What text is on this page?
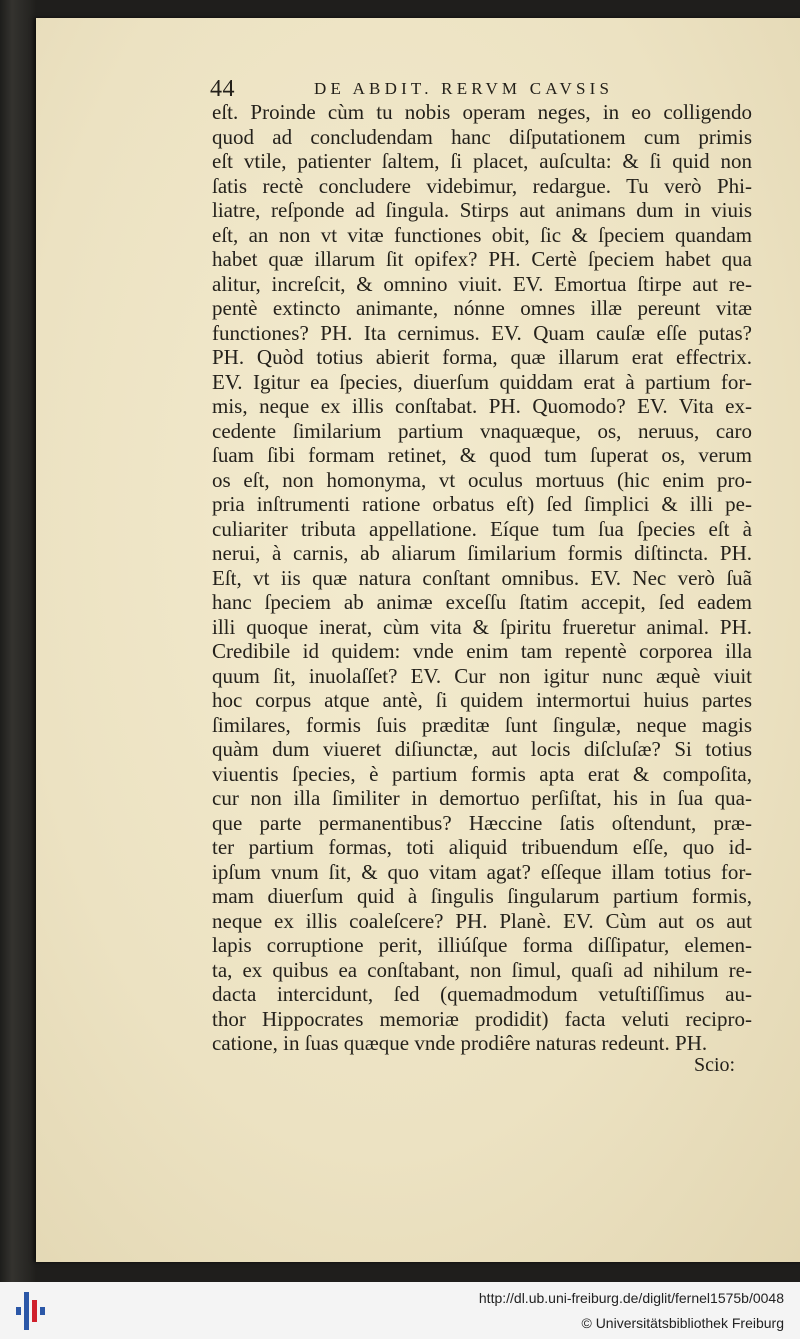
44	DE ABDIT. RERVM CAVSIS
eſt. Proinde cùm tu nobis operam neges, in eo colligendo
quod ad concludendam hanc diſputationem cum primis
eſt vtile, patienter ſaltem, ſi placet, auſculta: & ſi quid non
ſatis rectè concludere videbimur, redargue. Tu verò Phi-
liatre, reſponde ad ſingula. Stirps aut animans dum in viuis
eſt, an non vt vitæ functiones obit, ſic & ſpeciem quandam
habet quæ illarum ſit opifex? PH. Certè ſpeciem habet qua
alitur, increſcit, & omnino viuit. EV. Emortua ſtirpe aut re-
pentè extincto animante, nónne omnes illæ pereunt vitæ
functiones? PH. Ita cernimus. EV. Quam cauſæ eſſe putas?
PH. Quòd totius abierit forma, quæ illarum erat effectrix.
EV. Igitur ea ſpecies, diuerſum quiddam erat à partium for-
mis, neque ex illis conſtabat. PH. Quomodo? EV. Vita ex-
cedente ſimilarium partium vnaquæque, os, neruus, caro
ſuam ſibi formam retinet, & quod tum ſuperat os, verum
os eſt, non homonyma, vt oculus mortuus (hic enim pro-
pria inſtrumenti ratione orbatus eſt) ſed ſimplici & illi pe-
culiariter tributa appellatione. Eíque tum ſua ſpecies eſt à
nerui, à carnis, ab aliarum ſimilarium formis diſtincta. PH.
Eſt, vt iis quæ natura conſtant omnibus. EV. Nec verò ſuã
hanc ſpeciem ab animæ exceſſu ſtatim accepit, ſed eadem
illi quoque inerat, cùm vita & ſpiritu frueretur animal. PH.
Credibile id quidem: vnde enim tam repentè corporea illa
quum ſit, inuolaſſet? EV. Cur non igitur nunc æquè viuit
hoc corpus atque antè, ſi quidem intermortui huius partes
ſimilares, formis ſuis præditæ ſunt ſingulæ, neque magis
quàm dum viueret diſiunctæ, aut locis diſcluſæ? Si totius
viuentis ſpecies, è partium formis apta erat & compoſita,
cur non illa ſimiliter in demortuo perſiſtat, his in ſua qua-
que parte permanentibus? Hæccine ſatis oſtendunt, præ-
ter partium formas, toti aliquid tribuendum eſſe, quo id-
ipſum vnum ſit, & quo vitam agat? eſſeque illam totius for-
mam diuerſum quid à ſingulis ſingularum partium formis,
neque ex illis coaleſcere? PH. Planè. EV. Cùm aut os aut
lapis corruptione perit, illiúſque forma diſſipatur, elemen-
ta, ex quibus ea conſtabant, non ſimul, quaſi ad nihilum re-
dacta intercidunt, ſed (quemadmodum vetuſtiſſimus au-
thor Hippocrates memoriæ prodidit) facta veluti recipro-
catione, in ſuas quæque vnde prodiêre naturas redeunt. PH.
Scio:
http://dl.ub.uni-freiburg.de/diglit/fernel1575b/0048
© Universitätsbibliothek Freiburg
